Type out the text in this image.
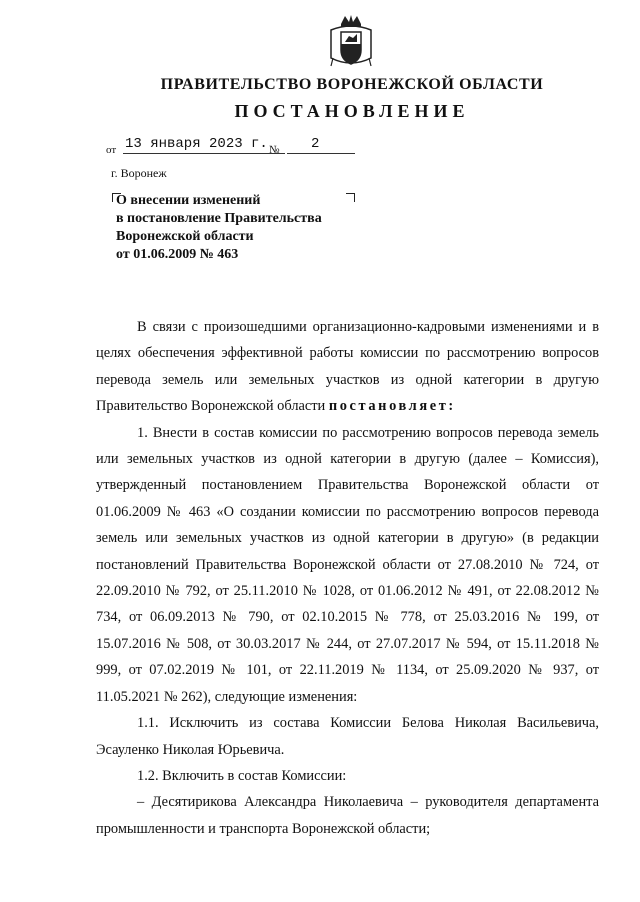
ПРАВИТЕЛЬСТВО ВОРОНЕЖСКОЙ ОБЛАСТИ
ПОСТАНОВЛЕНИЕ
от 13 января 2023 г. №	2
г. Воронеж
О внесении изменений
в постановление Правительства
Воронежской области
от 01.06.2009 № 463

В связи с произошедшими организационно-кадровыми изменениями и в целях обеспечения эффективной работы комиссии по рассмотрению вопросов перевода земель или земельных участков из одной категории в другую Правительство Воронежской области постановляет:

1. Внести в состав комиссии по рассмотрению вопросов перевода земель или земельных участков из одной категории в другую (далее – Комиссия), утвержденный постановлением Правительства Воронежской области от 01.06.2009 № 463 «О создании комиссии по рассмотрению вопросов перевода земель или земельных участков из одной категории в другую» (в редакции постановлений Правительства Воронежской области от 27.08.2010 № 724, от 22.09.2010 № 792, от 25.11.2010 № 1028, от 01.06.2012 № 491, от 22.08.2012 № 734, от 06.09.2013 № 790, от 02.10.2015 № 778, от 25.03.2016 № 199, от 15.07.2016 № 508, от 30.03.2017 № 244, от 27.07.2017 № 594, от 15.11.2018 № 999, от 07.02.2019 № 101, от 22.11.2019 № 1134, от 25.09.2020 № 937, от 11.05.2021 № 262), следующие изменения:

1.1. Исключить из состава Комиссии Белова Николая Васильевича, Эсауленко Николая Юрьевича.

1.2. Включить в состав Комиссии:

– Десятирикова Александра Николаевича – руководителя департамента промышленности и транспорта Воронежской области;
